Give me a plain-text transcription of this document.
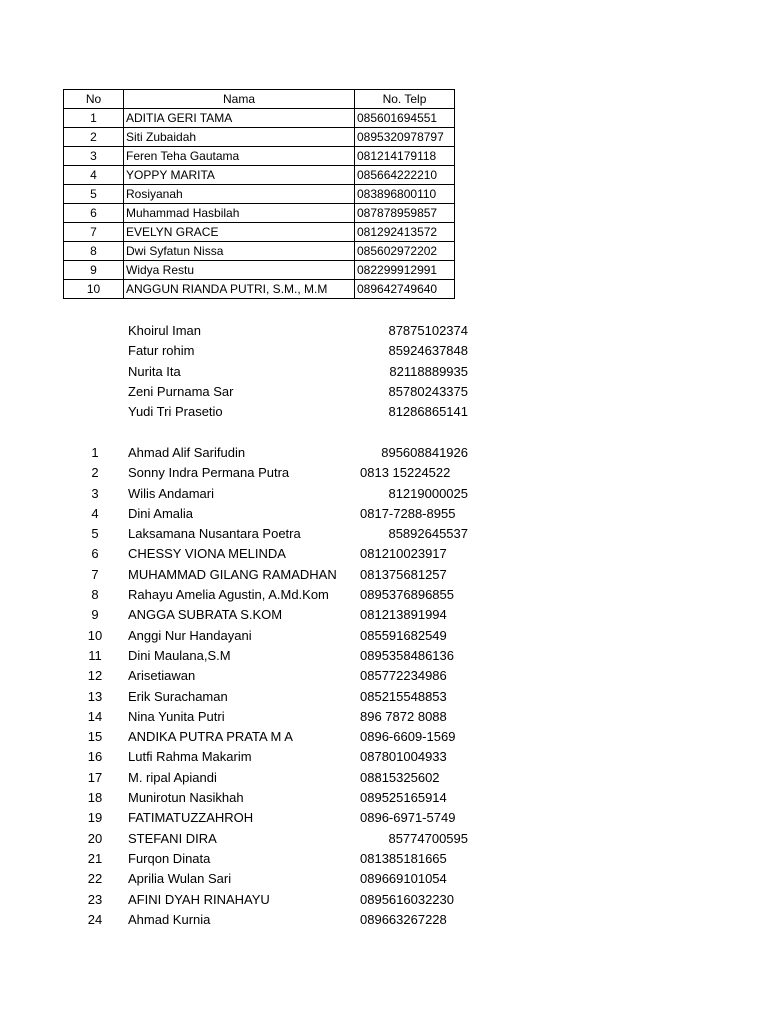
No	Nama	No. Telp
1	ADITIA GERI TAMA	085601694551
2	Siti Zubaidah	0895320978797
3	Feren Teha Gautama	081214179118
4	YOPPY MARITA	085664222210
5	Rosiyanah	083896800110
6	Muhammad Hasbilah	087878959857
7	EVELYN GRACE	081292413572
8	Dwi Syfatun Nissa	085602972202
9	Widya Restu	082299912991
10	ANGGUN RIANDA PUTRI, S.M., M.M	089642749640
Khoirul Iman	87875102374
Fatur rohim	85924637848
Nurita Ita	82118889935
Zeni Purnama Sar	85780243375
Yudi Tri Prasetio	81286865141
1	Ahmad Alif Sarifudin	895608841926
2	Sonny Indra Permana Putra	0813 15224522
3	Wilis Andamari	81219000025
4	Dini Amalia	0817-7288-8955
5	Laksamana Nusantara Poetra	85892645537
6	CHESSY VIONA MELINDA	081210023917
7	MUHAMMAD GILANG RAMADHAN 081375681257
8	Rahayu Amelia Agustin, A.Md.Kom 0895376896855
9	ANGGA SUBRATA S.KOM	081213891994
10	Anggi Nur Handayani	085591682549
11	Dini Maulana,S.M	0895358486136
12	Arisetiawan	085772234986
13	Erik Surachaman	085215548853
14	Nina Yunita Putri	896 7872 8088
15	ANDIKA PUTRA PRATA M A	0896-6609-1569
16	Lutfi Rahma Makarim	087801004933
17	M. ripal Apiandi	08815325602
18	Munirotun Nasikhah	089525165914
19	FATIMATUZZAHROH	0896-6971-5749
20	STEFANI DIRA	85774700595
21	Furqon Dinata	081385181665
22	Aprilia Wulan Sari	089669101054
23	AFINI DYAH RINAHAYU	0895616032230
24	Ahmad Kurnia	089663267228
